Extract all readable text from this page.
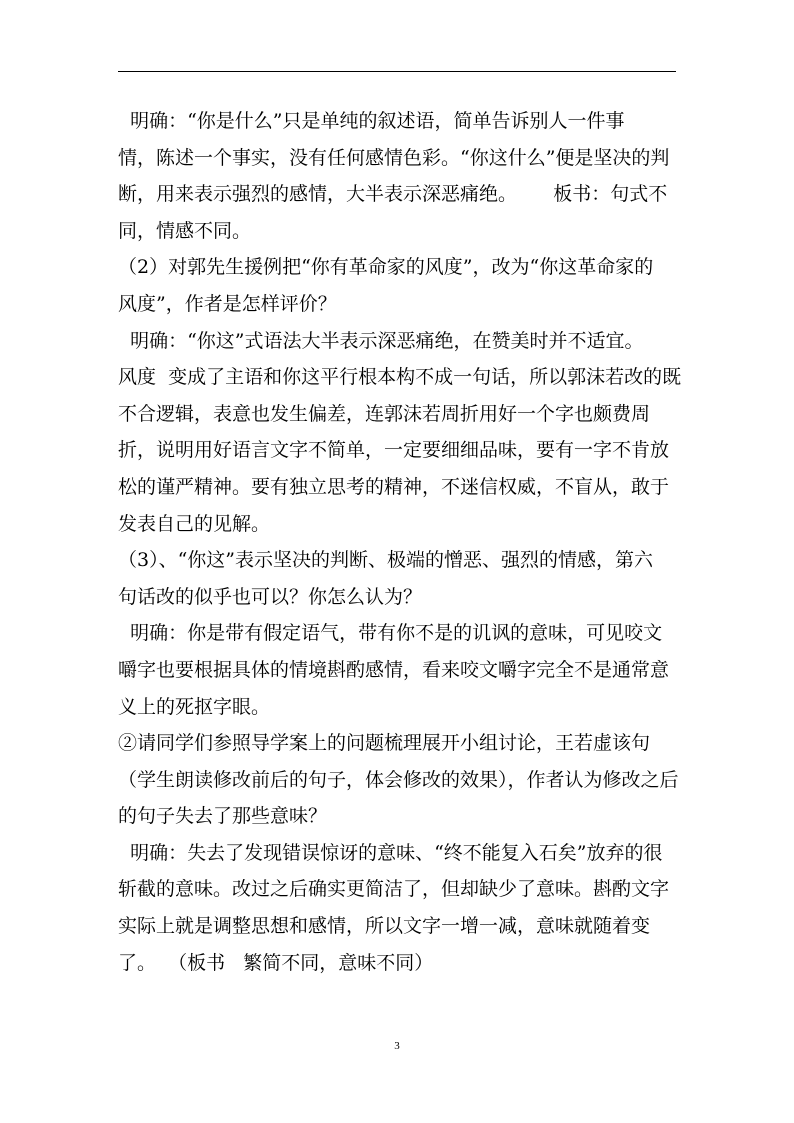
明确：“你是什么”只是单纯的叙述语，简单告诉别人一件事
情，陈述一个事实，没有任何感情色彩。“你这什么”便是坚决的判
断，用来表示强烈的感情，大半表示深恶痛绝。      板书：句式不
同，情感不同。
（2）对郭先生援例把“你有革命家的风度”，改为“你这革命家的
风度”，作者是怎样评价？
明确：“你这”式语法大半表示深恶痛绝，在赞美时并不适宜。
风度  变成了主语和你这平行根本构不成一句话，所以郭沫若改的既
不合逻辑，表意也发生偏差，连郭沫若周折用好一个字也颇费周
折，说明用好语言文字不简单，一定要细细品味，要有一字不肯放
松的谨严精神。要有独立思考的精神，不迷信权威，不盲从，敢于
发表自己的见解。
（3）、“你这”表示坚决的判断、极端的憎恶、强烈的情感，第六
句话改的似乎也可以？你怎么认为？
明确：你是带有假定语气，带有你不是的讥讽的意味，可见咬文
嚼字也要根据具体的情境斟酌感情，看来咬文嚼字完全不是通常意
义上的死抠字眼。
②请同学们参照导学案上的问题梳理展开小组讨论，王若虚该句
（学生朗读修改前后的句子，体会修改的效果），作者认为修改之后
的句子失去了那些意味？
明确：失去了发现错误惊讶的意味、“终不能复入石矣”放弃的很
斩截的意味。改过之后确实更简洁了，但却缺少了意味。斟酌文字
实际上就是调整思想和感情，所以文字一增一减，意味就随着变
了。  （板书   繁简不同，意味不同）
3
